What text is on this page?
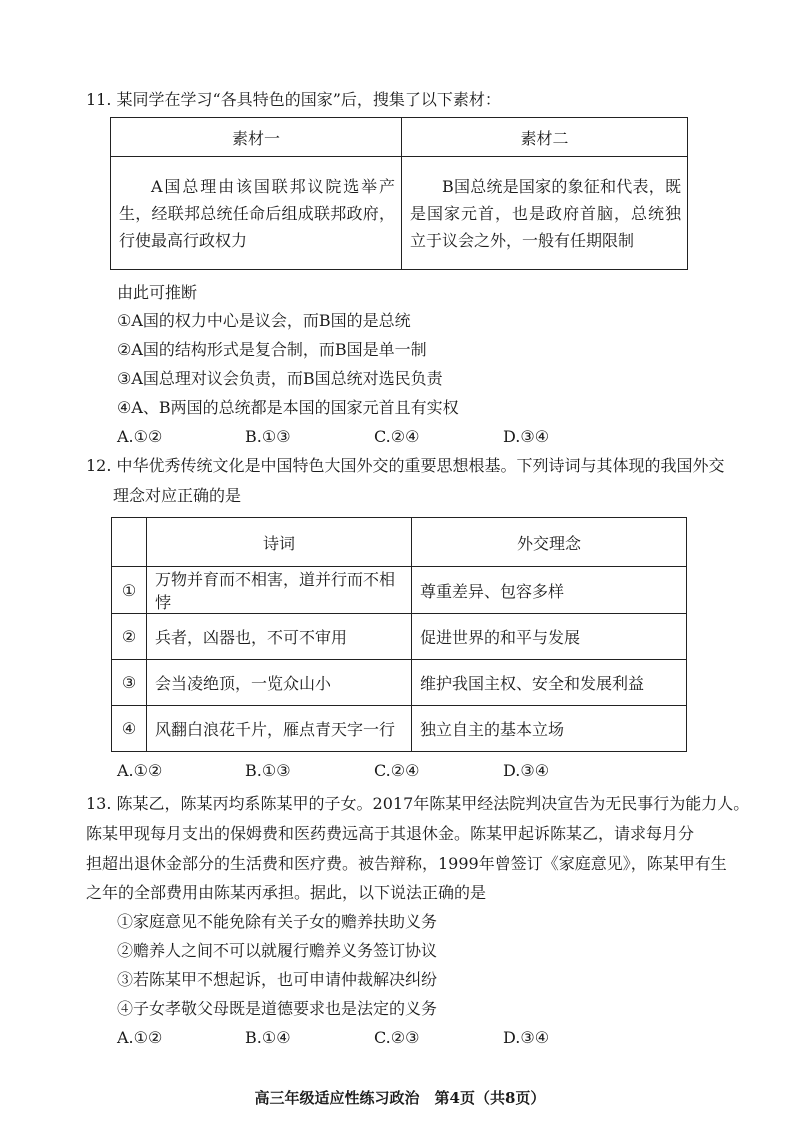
11. 某同学在学习“各具特色的国家”后，搜集了以下素材：
素材一	素材二
A国总理由该国联邦议院选举产生，经联邦总统任命后组成联邦政府，行使最高行政权力	B国总统是国家的象征和代表，既是国家元首，也是政府首脑，总统独立于议会之外，一般有任期限制
由此可推断
①A国的权力中心是议会，而B国的是总统
②A国的结构形式是复合制，而B国是单一制
③A国总理对议会负责，而B国总统对选民负责
④A、B两国的总统都是本国的国家元首且有实权
A.①②	B.①③	C.②④	D.③④
12. 中华优秀传统文化是中国特色大国外交的重要思想根基。下列诗词与其体现的我国外交
理念对应正确的是
	诗词	外交理念
①	万物并育而不相害，道并行而不相悖	尊重差异、包容多样
②	兵者，凶器也，不可不审用	促进世界的和平与发展
③	会当凌绝顶，一览众山小	维护我国主权、安全和发展利益
④	风翻白浪花千片，雁点青天字一行	独立自主的基本立场
A.①②	B.①③	C.②④	D.③④
13. 陈某乙，陈某丙均系陈某甲的子女。2017年陈某甲经法院判决宣告为无民事行为能力人。
陈某甲现每月支出的保姆费和医药费远高于其退休金。陈某甲起诉陈某乙，请求每月分
担超出退休金部分的生活费和医疗费。被告辩称，1999年曾签订《家庭意见》，陈某甲有生
之年的全部费用由陈某丙承担。据此，以下说法正确的是
①家庭意见不能免除有关子女的赡养扶助义务
②赡养人之间不可以就履行赡养义务签订协议
③若陈某甲不想起诉，也可申请仲裁解决纠纷
④子女孝敬父母既是道德要求也是法定的义务
A.①②	B.①④	C.②③	D.③④
高三年级适应性练习政治　第4页（共8页）
